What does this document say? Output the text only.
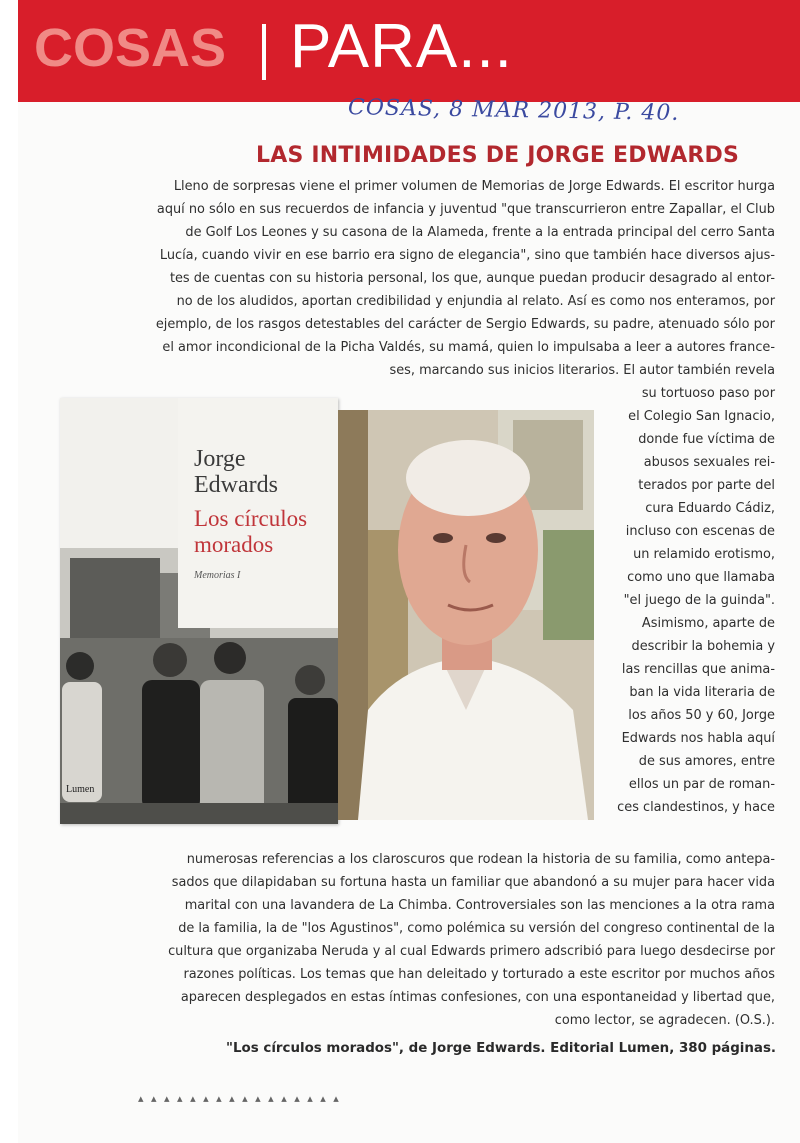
COSAS PARA...
COSAS, 8 MAR 2013, P. 40.
LAS INTIMIDADES DE JORGE EDWARDS
Lleno de sorpresas viene el primer volumen de Memorias de Jorge Edwards. El escritor hurga
aquí no sólo en sus recuerdos de infancia y juventud "que transcurrieron entre Zapallar, el Club
de Golf Los Leones y su casona de la Alameda, frente a la entrada principal del cerro Santa
Lucía, cuando vivir en ese barrio era signo de elegancia", sino que también hace diversos ajus-
tes de cuentas con su historia personal, los que, aunque puedan producir desagrado al entor-
no de los aludidos, aportan credibilidad y enjundia al relato. Así es como nos enteramos, por
ejemplo, de los rasgos detestables del carácter de Sergio Edwards, su padre, atenuado sólo por
el amor incondicional de la Picha Valdés, su mamá, quien lo impulsaba a leer a autores france-
ses, marcando sus inicios literarios. El autor también revela
su tortuoso paso por
el Colegio San Ignacio,
donde fue víctima de
abusos sexuales rei-
terados por parte del
cura Eduardo Cádiz,
incluso con escenas de
un relamido erotismo,
como uno que llamaba
"el juego de la guinda".
Asimismo, aparte de
describir la bohemia y
las rencillas que anima-
ban la vida literaria de
los años 50 y 60, Jorge
Edwards nos habla aquí
de sus amores, entre
ellos un par de roman-
ces clandestinos, y hace
numerosas referencias a los claroscuros que rodean la historia de su familia, como antepa-
sados que dilapidaban su fortuna hasta un familiar que abandonó a su mujer para hacer vida
marital con una lavandera de La Chimba. Controversiales son las menciones a la otra rama
de la familia, la de "los Agustinos", como polémica su versión del congreso continental de la
cultura que organizaba Neruda y al cual Edwards primero adscribió para luego desdecirse por
razones políticas. Los temas que han deleitado y torturado a este escritor por muchos años
aparecen desplegados en estas íntimas confesiones, con una espontaneidad y libertad que,
como lector, se agradecen. (O.S.).
"Los círculos morados", de Jorge Edwards. Editorial Lumen, 380 páginas.
Jorge
Edwards
Los círculos
morados
Memorias I
Lumen
▴ ▴ ▴ ▴ ▴ ▴ ▴ ▴ ▴ ▴ ▴ ▴ ▴ ▴ ▴ ▴
